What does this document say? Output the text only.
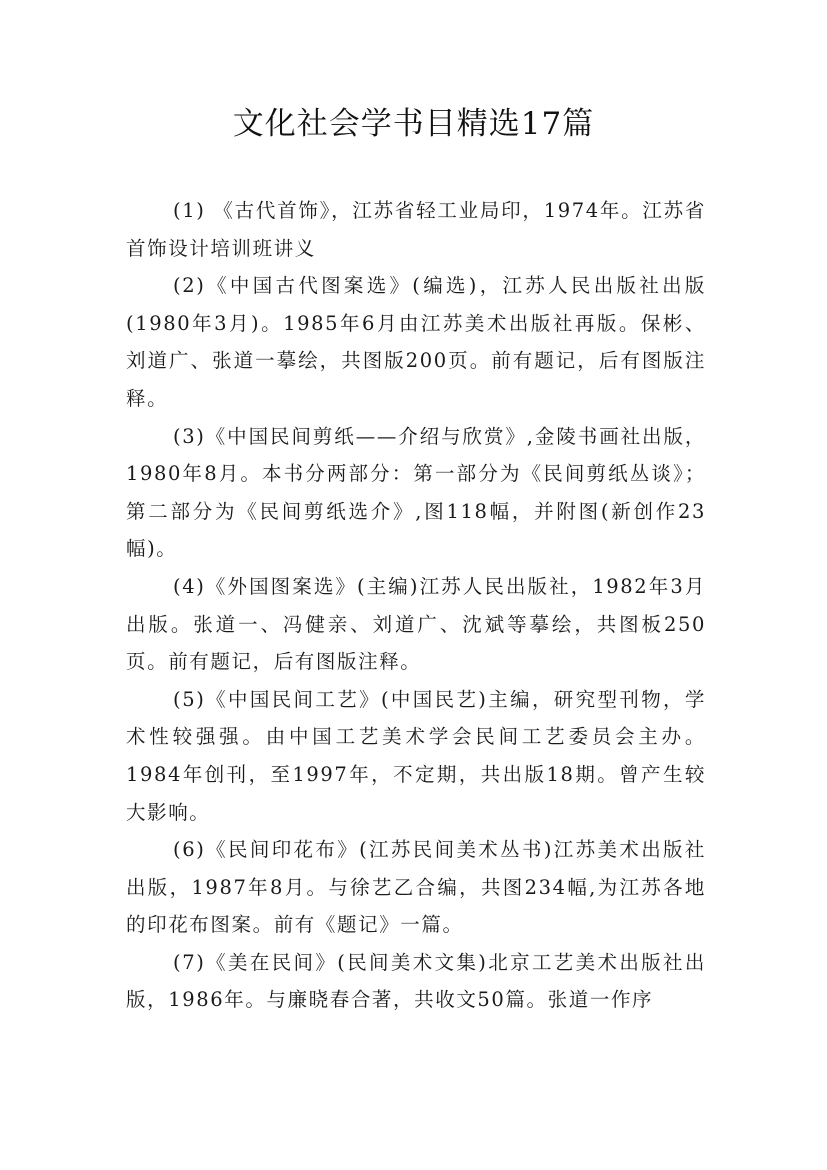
文化社会学书目精选17篇

(1) 《古代首饰》，江苏省轻工业局印，1974年。江苏省首饰设计培训班讲义

(2)《中国古代图案选》(编选)，江苏人民出版社出版(1980年3月)。1985年6月由江苏美术出版社再版。保彬、刘道广、张道一摹绘，共图版200页。前有题记，后有图版注释。

(3)《中国民间剪纸——介绍与欣赏》,金陵书画社出版，1980年8月。本书分两部分：第一部分为《民间剪纸丛谈》；第二部分为《民间剪纸选介》,图118幅，并附图(新创作23幅)。

(4)《外国图案选》(主编)江苏人民出版社，1982年3月出版。张道一、冯健亲、刘道广、沈斌等摹绘，共图板250页。前有题记，后有图版注释。

(5)《中国民间工艺》(中国民艺)主编，研究型刊物，学术性较强强。由中国工艺美术学会民间工艺委员会主办。1984年创刊，至1997年，不定期，共出版18期。曾产生较大影响。

(6)《民间印花布》(江苏民间美术丛书)江苏美术出版社出版，1987年8月。与徐艺乙合编，共图234幅,为江苏各地的印花布图案。前有《题记》一篇。

(7)《美在民间》(民间美术文集)北京工艺美术出版社出版，1986年。与廉晓春合著，共收文50篇。张道一作序
